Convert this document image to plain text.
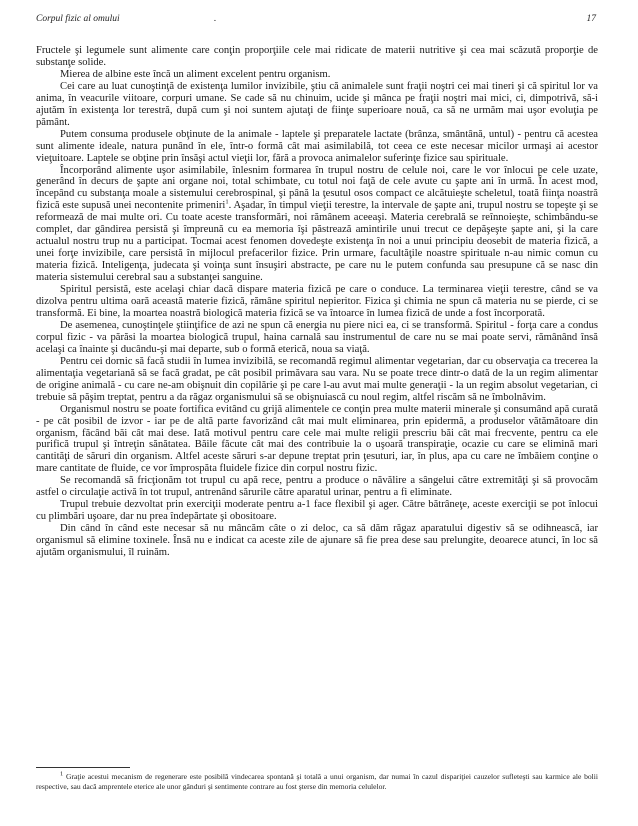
Corpul fizic al omului	.	17

Fructele şi legumele sunt alimente care conţin proporţiile cele mai ridicate de materii nutritive şi cea mai scăzută proporţie de substanţe solide.

Mierea de albine este încă un aliment excelent pentru organism.

Cei care au luat cunoştinţă de existenţa lumilor invizibile, ştiu că animalele sunt fraţii noştri cei mai tineri şi că spiritul lor va anima, în veacurile viitoare, corpuri umane. Se cade să nu chinuim, ucide şi mânca pe fraţii noştri mai mici, ci, dimpotrivă, să-i ajutăm în existenţa lor terestră, după cum şi noi suntem ajutaţi de fiinţe superioare nouă, ca să ne urmăm mai uşor evoluţia pe pământ.

Putem consuma produsele obţinute de la animale - laptele şi preparatele lactate (brânza, smântână, untul) - pentru că acestea sunt alimente ideale, natura punând în ele, într-o formă cât mai asimilabilă, tot ceea ce este necesar micilor urmaşi ai acestor vieţuitoare. Laptele se obţine prin însăşi actul vieţii lor, fără a provoca animalelor suferinţe fizice sau spirituale.

Încorporând alimente uşor asimilabile, înlesnim formarea în trupul nostru de celule noi, care le vor înlocui pe cele uzate, generând în decurs de şapte ani organe noi, total schimbate, cu totul noi faţă de cele avute cu şapte ani în urmă. În acest mod, începând cu substanţa moale a sistemului cerebrospinal, şi până la ţesutul osos compact ce alcătuieşte scheletul, toată fiinţa noastră fizică este supusă unei necontenite primeniri$^1$. Aşadar, în timpul vieţii terestre, la intervale de şapte ani, trupul nostru se topeşte şi se reformează de mai multe ori. Cu toate aceste transformări, noi rămânem aceeaşi. Materia cerebrală se reînnoieşte, schimbându-se complet, dar gândirea persistă şi împreună cu ea memoria îşi păstrează amintirile unui trecut ce depăşeşte şapte ani, şi la care actualul nostru trup nu a participat. Tocmai acest fenomen dovedeşte existenţa în noi a unui principiu deosebit de materia fizică, a unei forţe invizibile, care persistă în mijlocul prefacerilor fizice. Prin urmare, facultăţile noastre spirituale n-au nimic comun cu materia fizică. Inteligenţa, judecata şi voinţa sunt însuşiri abstracte, pe care nu le putem confunda sau presupune că se nasc din materia sistemului cerebral sau a substanţei sanguine.

Spiritul persistă, este acelaşi chiar dacă dispare materia fizică pe care o conduce. La terminarea vieţii terestre, când se va dizolva pentru ultima oară această materie fizică, rămâne spiritul nepieritor. Fizica şi chimia ne spun că materia nu se pierde, ci se transformă. Ei bine, la moartea noastră biologică materia fizică se va întoarce în lumea fizică de unde a fost încorporată.

De asemenea, cunoştinţele ştiinţifice de azi ne spun că energia nu piere nici ea, ci se transformă. Spiritul - forţa care a condus corpul fizic - va părăsi la moartea biologică trupul, haina carnală sau instrumentul de care nu se mai poate servi, rămânând însă acelaşi ca înainte şi ducându-şi mai departe, sub o formă eterică, noua sa viaţă.

Pentru cei dornic să facă studii în lumea invizibilă, se recomandă regimul alimentar vegetarian, dar cu observaţia ca trecerea la alimentaţia vegetariană să se facă gradat, pe cât posibil primăvara sau vara. Nu se poate trece dintr-o dată de la un regim alimentar de origine animală - cu care ne-am obişnuit din copilărie şi pe care l-au avut mai multe generaţii - la un regim absolut vegetarian, ci trebuie să păşim treptat, pentru a da răgaz organismului să se obişnuiască cu noul regim, altfel riscăm să ne îmbolnăvim.

Organismul nostru se poate fortifica evitând cu grijă alimentele ce conţin prea multe materii minerale şi consumând apă curată - pe cât posibil de izvor - iar pe de altă parte favorizând cât mai mult eliminarea, prin epidermă, a produselor vătămătoare din organism, făcând băi cât mai dese. Iată motivul pentru care cele mai multe religii prescriu băi cât mai frecvente, pentru ca ele purifică trupul şi întreţin sănătatea. Băile făcute cât mai des contribuie la o uşoară transpiraţie, ocazie cu care se elimină mari cantităţi de săruri din organism. Altfel aceste săruri s-ar depune treptat prin ţesuturi, iar, în plus, apa cu care ne îmbăiem conţine o mare cantitate de fluide, ce vor împrospăta fluidele fizice din corpul nostru fizic.

Se recomandă să fricţionăm tot trupul cu apă rece, pentru a produce o năvălire a sângelui către extremităţi şi să provocăm astfel o circulaţie activă în tot trupul, antrenând sărurile către aparatul urinar, pentru a fi eliminate.

Trupul trebuie dezvoltat prin exerciţii moderate pentru a-1 face flexibil şi ager. Către bătrâneţe, aceste exerciţii se pot înlocui cu plimbări uşoare, dar nu prea îndepărtate şi obositoare.

Din când în când este necesar să nu mâncăm câte o zi deloc, ca să dăm răgaz aparatului digestiv să se odihnească, iar organismul să elimine toxinele. Însă nu e indicat ca aceste zile de ajunare să fie prea dese sau prelungite, deoarece atunci, în loc să ajutăm organismului, îl ruinăm.

$^1$ Graţie acestui mecanism de regenerare este posibilă vindecarea spontană şi totală a unui organism, dar numai în cazul dispariţiei cauzelor sufleteşti sau karmice ale bolii respective, sau dacă amprentele eterice ale unor gânduri şi sentimente contrare au fost şterse din memoria celulelor.
